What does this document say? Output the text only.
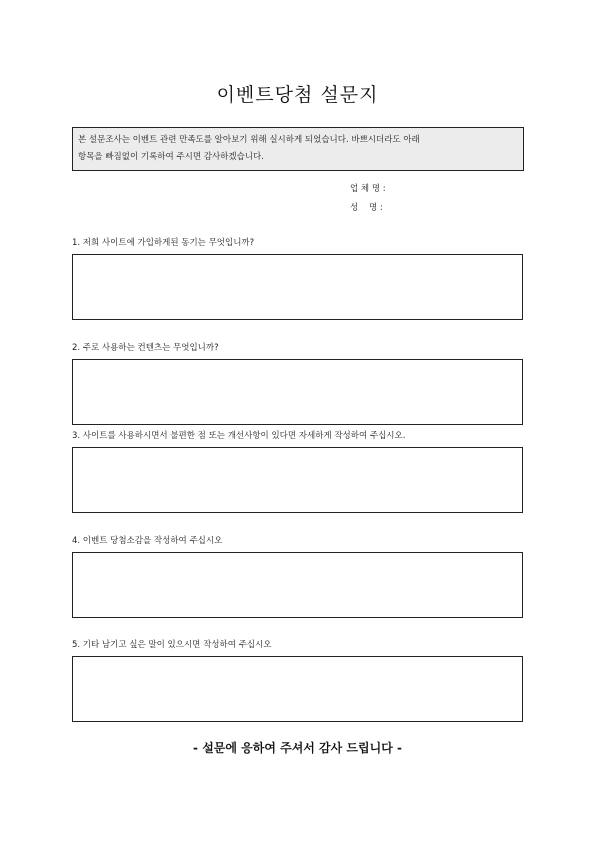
이벤트당첨 설문지
본 설문조사는 이벤트 관련 만족도를 알아보기 위해 실시하게 되었습니다. 바쁘시더라도 아래
항목을 빠짐없이 기록하여 주시면 감사하겠습니다.
업 체 명 :
성    명 :
1. 저희 사이트에 가입하게된 동기는 무엇입니까?
2. 주로 사용하는 컨텐츠는 무엇입니까?
3. 사이트를 사용하시면서 불편한 점 또는 개선사항이 있다면 자세하게 작성하여 주십시오.
4. 이벤트 당첨소감을 작성하여 주십시오
5. 기타 남기고 싶은 말이 있으시면 작성하여 주십시오
- 설문에 응하여 주셔서 감사 드립니다 -
